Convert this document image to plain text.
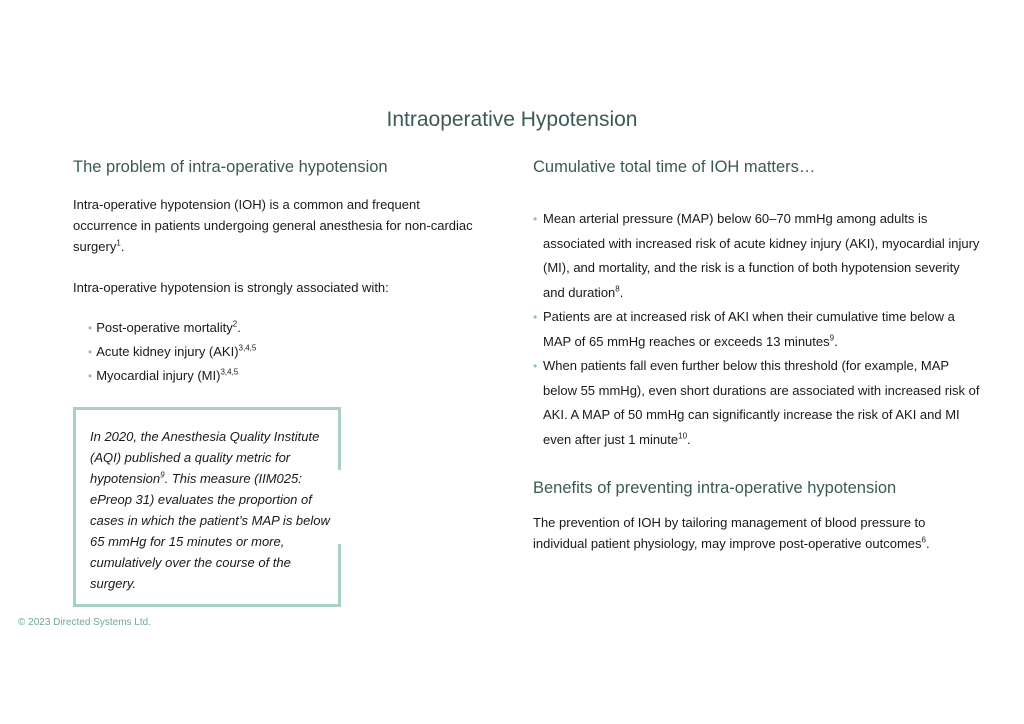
Intraoperative Hypotension
The problem of intra-operative hypotension

Intra-operative hypotension (IOH) is a common and frequent occurrence in patients undergoing general anesthesia for non-cardiac surgery$^1$.

Intra-operative hypotension is strongly associated with:

• Post-operative mortality$^2$.
• Acute kidney injury (AKI)$^{3,4,5}$
• Myocardial injury (MI)$^{3,4,5}$

In 2020, the Anesthesia Quality Institute (AQI) published a quality metric for hypotension$^9$. This measure (IIM025: ePreop 31) evaluates the proportion of cases in which the patient’s MAP is below 65 mmHg for 15 minutes or more, cumulatively over the course of the surgery.

Cumulative total time of IOH matters…
• Mean arterial pressure (MAP) below 60–70 mmHg among adults is associated with increased risk of acute kidney injury (AKI), myocardial injury (MI), and mortality, and the risk is a function of both hypotension severity and duration$^8$.
• Patients are at increased risk of AKI when their cumulative time below a MAP of 65 mmHg reaches or exceeds 13 minutes$^9$.
• When patients fall even further below this threshold (for example, MAP below 55 mmHg), even short durations are associated with increased risk of AKI. A MAP of 50 mmHg can significantly increase the risk of AKI and MI even after just 1 minute$^{10}$.
Benefits of preventing intra-operative hypotension

The prevention of IOH by tailoring management of blood pressure to individual patient physiology, may improve post-operative outcomes$^6$.

© 2023 Directed Systems Ltd.
